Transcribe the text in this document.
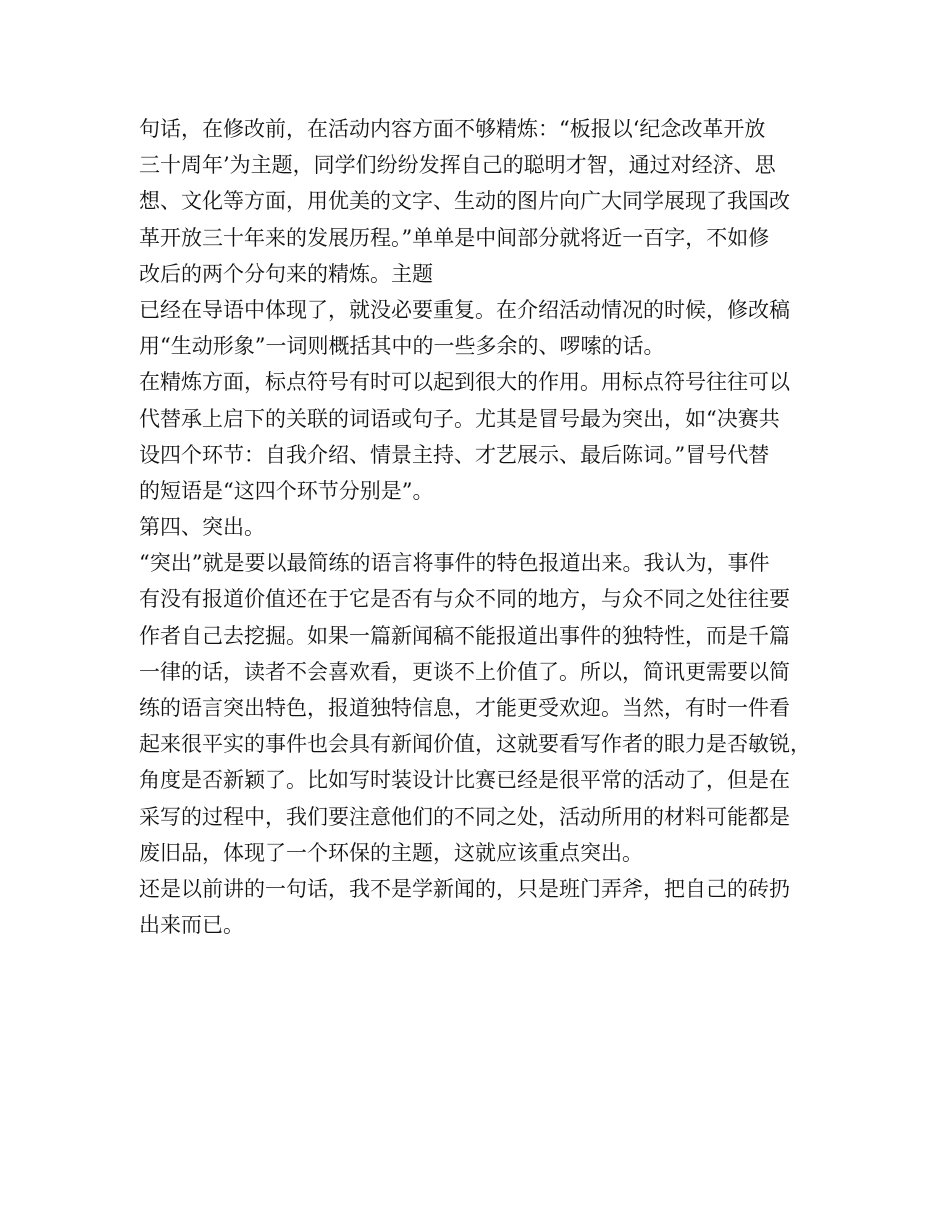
句话，在修改前，在活动内容方面不够精炼：“板报以‘纪念改革开放
三十周年’为主题，同学们纷纷发挥自己的聪明才智，通过对经济、思
想、文化等方面，用优美的文字、生动的图片向广大同学展现了我国改
革开放三十年来的发展历程。”单单是中间部分就将近一百字，不如修
改后的两个分句来的精炼。主题
已经在导语中体现了，就没必要重复。在介绍活动情况的时候，修改稿
用“生动形象”一词则概括其中的一些多余的、啰嗦的话。
在精炼方面，标点符号有时可以起到很大的作用。用标点符号往往可以
代替承上启下的关联的词语或句子。尤其是冒号最为突出，如“决赛共
设四个环节：自我介绍、情景主持、才艺展示、最后陈词。”冒号代替
的短语是“这四个环节分别是”。
第四、突出。
“突出”就是要以最简练的语言将事件的特色报道出来。我认为，事件
有没有报道价值还在于它是否有与众不同的地方，与众不同之处往往要
作者自己去挖掘。如果一篇新闻稿不能报道出事件的独特性，而是千篇
一律的话，读者不会喜欢看，更谈不上价值了。所以，简讯更需要以简
练的语言突出特色，报道独特信息，才能更受欢迎。当然，有时一件看
起来很平实的事件也会具有新闻价值，这就要看写作者的眼力是否敏锐，
角度是否新颖了。比如写时装设计比赛已经是很平常的活动了，但是在
采写的过程中，我们要注意他们的不同之处，活动所用的材料可能都是
废旧品，体现了一个环保的主题，这就应该重点突出。
还是以前讲的一句话，我不是学新闻的，只是班门弄斧，把自己的砖扔
出来而已。
